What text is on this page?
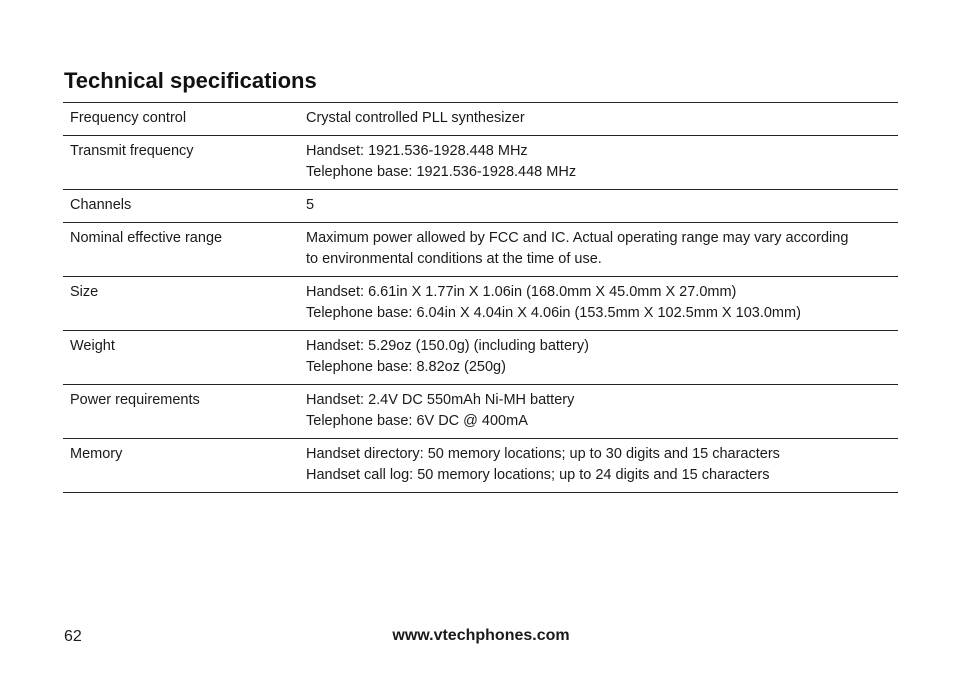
Technical specifications
Frequency control	Crystal controlled PLL synthesizer

Transmit frequency	Handset: 1921.536-1928.448 MHz
Telephone base: 1921.536-1928.448 MHz

Channels	5

Nominal effective range	Maximum power allowed by FCC and IC. Actual operating range may vary according
to environmental conditions at the time of use.

Size	Handset: 6.61in X 1.77in X 1.06in (168.0mm X 45.0mm X 27.0mm)
Telephone base: 6.04in X 4.04in X 4.06in (153.5mm X 102.5mm X 103.0mm)

Weight	Handset: 5.29oz (150.0g) (including battery)
Telephone base: 8.82oz (250g)

Power requirements	Handset: 2.4V DC 550mAh Ni-MH battery
Telephone base: 6V DC @ 400mA

Memory	Handset directory: 50 memory locations; up to 30 digits and 15 characters
Handset call log: 50 memory locations; up to 24 digits and 15 characters
62	www.vtechphones.com
